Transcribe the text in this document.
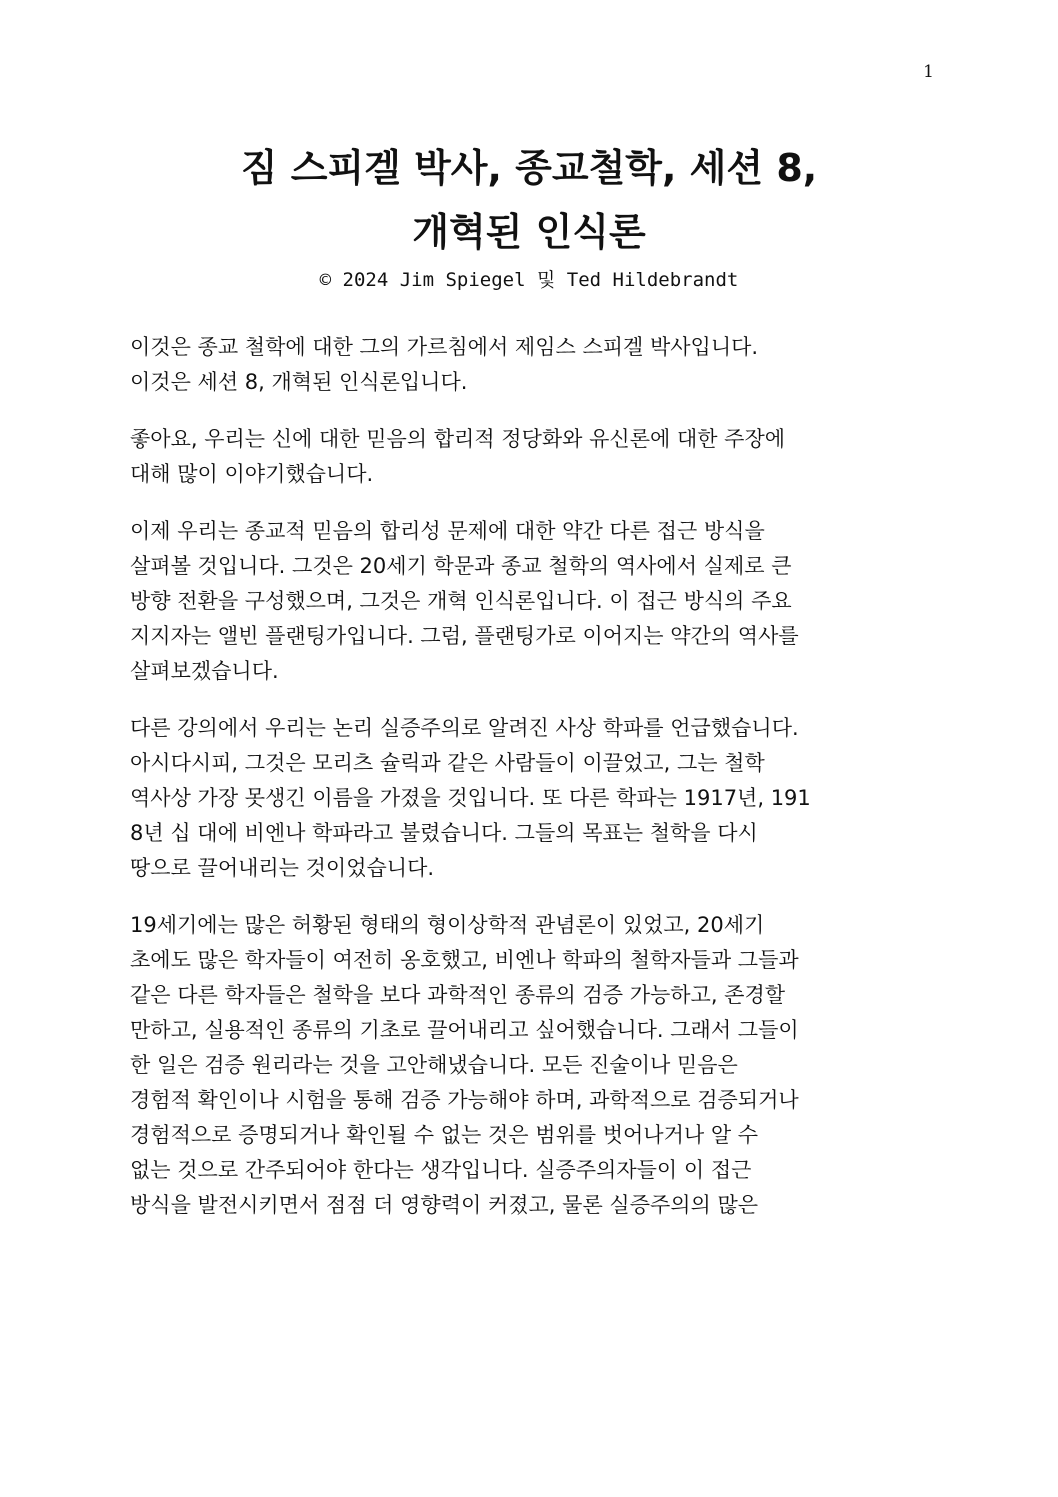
1
짐 스피겔 박사, 종교철학, 세션 8,
개혁된 인식론
© 2024 Jim Spiegel 및 Ted Hildebrandt

이것은 종교 철학에 대한 그의 가르침에서 제임스 스피겔 박사입니다.
이것은 세션 8, 개혁된 인식론입니다.

좋아요, 우리는 신에 대한 믿음의 합리적 정당화와 유신론에 대한 주장에
대해 많이 이야기했습니다.

이제 우리는 종교적 믿음의 합리성 문제에 대한 약간 다른 접근 방식을
살펴볼 것입니다. 그것은 20세기 학문과 종교 철학의 역사에서 실제로 큰
방향 전환을 구성했으며, 그것은 개혁 인식론입니다. 이 접근 방식의 주요
지지자는 앨빈 플랜팅가입니다. 그럼, 플랜팅가로 이어지는 약간의 역사를
살펴보겠습니다.

다른 강의에서 우리는 논리 실증주의로 알려진 사상 학파를 언급했습니다.
아시다시피, 그것은 모리츠 슐릭과 같은 사람들이 이끌었고, 그는 철학
역사상 가장 못생긴 이름을 가졌을 것입니다. 또 다른 학파는 1917년, 191
8년 십 대에 비엔나 학파라고 불렸습니다. 그들의 목표는 철학을 다시
땅으로 끌어내리는 것이었습니다.

19세기에는 많은 허황된 형태의 형이상학적 관념론이 있었고, 20세기
초에도 많은 학자들이 여전히 옹호했고, 비엔나 학파의 철학자들과 그들과
같은 다른 학자들은 철학을 보다 과학적인 종류의 검증 가능하고, 존경할
만하고, 실용적인 종류의 기초로 끌어내리고 싶어했습니다. 그래서 그들이
한 일은 검증 원리라는 것을 고안해냈습니다. 모든 진술이나 믿음은
경험적 확인이나 시험을 통해 검증 가능해야 하며, 과학적으로 검증되거나
경험적으로 증명되거나 확인될 수 없는 것은 범위를 벗어나거나 알 수
없는 것으로 간주되어야 한다는 생각입니다. 실증주의자들이 이 접근
방식을 발전시키면서 점점 더 영향력이 커졌고, 물론 실증주의의 많은
